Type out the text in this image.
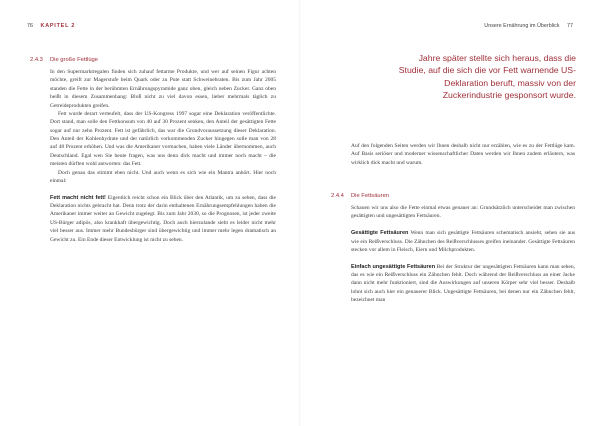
76 KAPITEL 2
2.4.3 Die große Fettlüge

In den Supermarktregalen finden sich zuhauf fettarme Produkte, und wer auf seinen Figur achten möchte, greift zur Magerstufe beim Quark oder zu Pute statt Schweinebraten. Bis zum Jahr 2005 standen die Fette in der berühmten Ernährungspyramide ganz oben, gleich neben Zucker. Ganz oben heißt in diesem Zusammenhang: Bloß nicht zu viel davon essen, lieber mehrmals täglich zu Getreideprodukten greifen.

Fett wurde derart verteufelt, dass der US-Kongress 1997 sogar eine Deklaration veröffentlichte. Dort stand, man solle den Fettkonsum von 40 auf 30 Prozent senken, den Anteil der gesättigten Fette sogar auf nur zehn Prozent. Fett ist gefährlich, das war die Grundvoraussetzung dieser Deklaration. Den Anteil der Kohlenhydrate und der natürlich vorkommenden Zucker hingegen solle man von 28 auf 48 Prozent erhöhen. Und was die Amerikaner vormachen, haben viele Länder übernommen, auch Deutschland. Egal wen Sie heute fragen, was uns denn dick macht und immer noch macht – die meisten dürften wohl antworten: das Fett.

Doch genau das stimmt eben nicht. Und auch wenn es sich wie ein Mantra anhört. Hier noch einmal:

Fett macht nicht fett! Eigentlich reicht schon ein Blick über den Atlantik, um zu sehen, dass die Deklaration nichts gebracht hat. Denn trotz der darin enthaltenen Ernährungsempfehlungen haben die Amerikaner immer weiter an Gewicht zugelegt. Bis zum Jahr 2030, so die Prognosen, ist jeder zweite US-Bürger adipös, also krankhaft übergewichtig. Doch auch hierzulande sieht es leider nicht mehr viel besser aus. Immer mehr Bundesbürger sind übergewichtig und immer mehr legen dramatisch an Gewicht zu. Ein Ende dieser Entwicklung ist nicht zu sehen.

Unsere Ernährung im Überblick 77
Jahre später stellte sich heraus, dass die Studie, auf die sich die vor Fett warnende US-Deklaration beruft, massiv von der Zuckerindustrie gesponsort wurde.

Auf den folgenden Seiten werden wir Ihnen deshalb nicht nur erzählen, wie es zu der Fettlüge kam. Auf Basis seriöser und moderner wissenschaftlicher Daten werden wir Ihnen zudem erläutern, was wirklich dick macht und warum.

2.4.4 Die Fettsäuren

Schauen wir uns also die Fette einmal etwas genauer an: Grundsätzlich unterscheidet man zwischen gesättigten und ungesättigten Fettsäuren.

Gesättigte Fettsäuren Wenn man sich gesättigte Fettsäuren schematisch ansieht, sehen sie aus wie ein Reißverschluss. Die Zähnchen des Reißverschlusses greifen ineinander. Gesättigte Fettsäuren stecken vor allem in Fleisch, Eiern und Milchprodukten.

Einfach ungesättigte Fettsäuren Bei der Struktur der ungesättigten Fettsäuren kann man sehen, das es wie ein Reißverschluss ein Zähnchen fehlt. Doch während der Reißverschluss an einer Jacke dann nicht mehr funktioniert, sind die Auswirkungen auf unseren Körper sehr viel besser. Deshalb lohnt sich auch hier ein genauerer Blick. Ungesättigte Fettsäuren, bei denen nur ein Zähnchen fehlt, bezeichnet man
